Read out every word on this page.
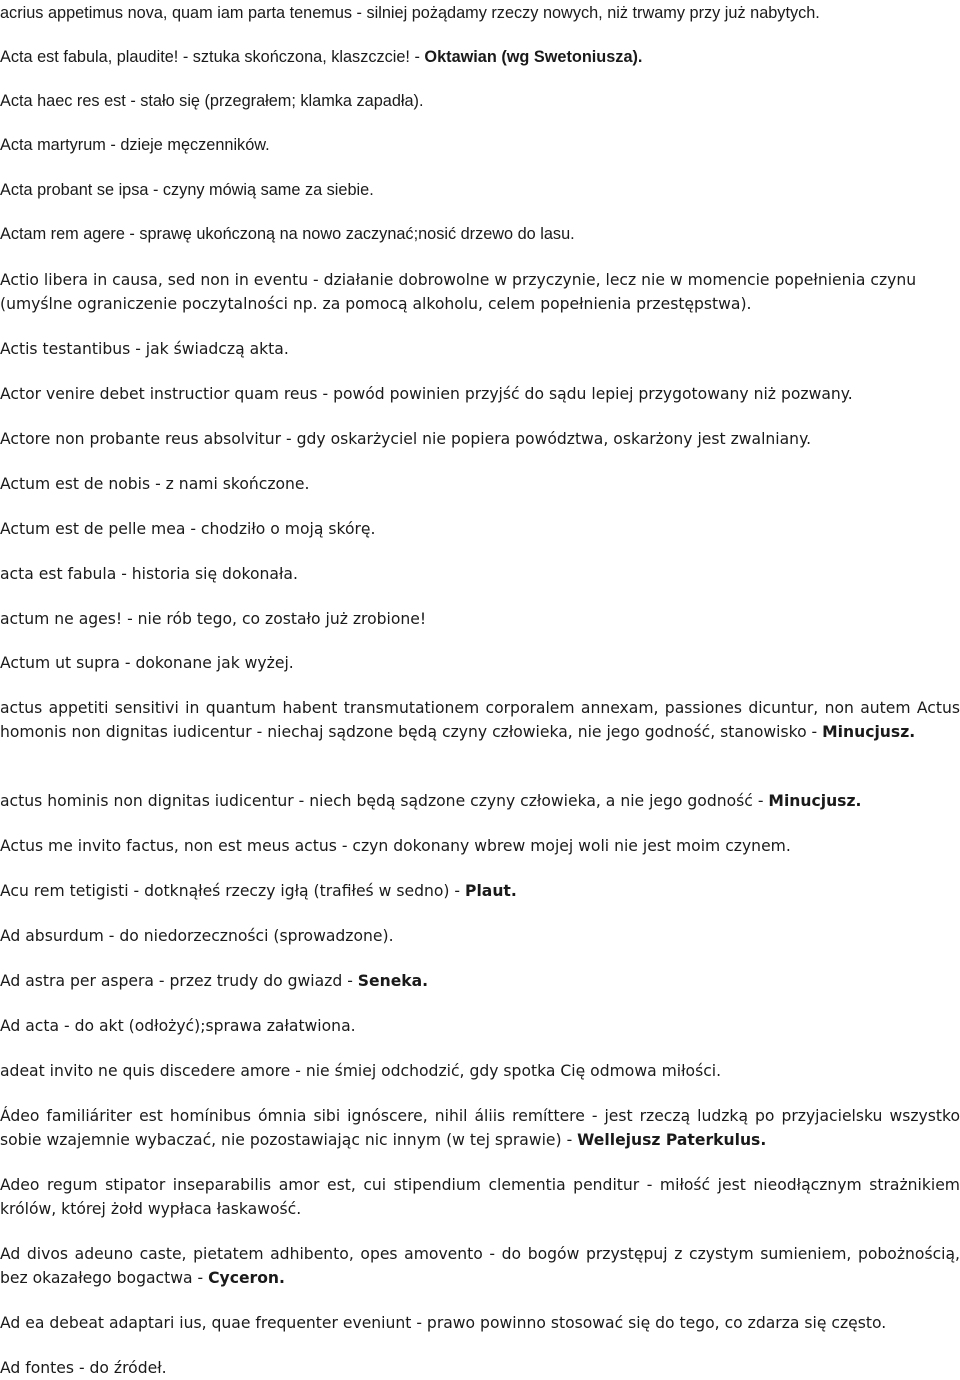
acrius appetimus nova, quam iam parta tenemus - silniej pożądamy rzeczy nowych, niż trwamy przy już nabytych.

Acta est fabula, plaudite! - sztuka skończona, klaszczcie! - Oktawian (wg Swetoniusza).

Acta haec res est - stało się (przegrałem; klamka zapadła).

Acta martyrum - dzieje męczenników.

Acta probant se ipsa - czyny mówią same za siebie.

Actam rem agere - sprawę ukończoną na nowo zaczynać;nosić drzewo do lasu.

Actio libera in causa, sed non in eventu - działanie dobrowolne w przyczynie, lecz nie w momencie popełnienia czynu (umyślne ograniczenie poczytalności np. za pomocą alkoholu, celem popełnienia przestępstwa).

Actis testantibus - jak świadczą akta.

Actor venire debet instructior quam reus - powód powinien przyjść do sądu lepiej przygotowany niż pozwany.

Actore non probante reus absolvitur - gdy oskarżyciel nie popiera powództwa, oskarżony jest zwalniany.

Actum est de nobis - z nami skończone.

Actum est de pelle mea - chodziło o moją skórę.

acta est fabula - historia się dokonała.

actum ne ages! - nie rób tego, co zostało już zrobione!

Actum ut supra - dokonane jak wyżej.

actus appetiti sensitivi in quantum habent transmutationem corporalem annexam, passiones dicuntur, non autem Actus homonis non dignitas iudicentur - niechaj sądzone będą czyny człowieka, nie jego godność, stanowisko - Minucjusz.

actus hominis non dignitas iudicentur - niech będą sądzone czyny człowieka, a nie jego godność - Minucjusz.

Actus me invito factus, non est meus actus - czyn dokonany wbrew mojej woli nie jest moim czynem.

Acu rem tetigisti - dotknąłeś rzeczy igłą (trafiłeś w sedno) - Plaut.

Ad absurdum - do niedorzeczności (sprowadzone).

Ad astra per aspera - przez trudy do gwiazd - Seneka.

Ad acta - do akt (odłożyć);sprawa załatwiona.

adeat invito ne quis discedere amore - nie śmiej odchodzić, gdy spotka Cię odmowa miłości.

Ádeo familiáriter est homínibus ómnia sibi ignóscere, nihil áliis remíttere - jest rzeczą ludzką po przyjacielsku wszystko sobie wzajemnie wybaczać, nie pozostawiając nic innym (w tej sprawie) - Wellejusz Paterkulus.

Adeo regum stipator inseparabilis amor est, cui stipendium clementia penditur - miłość jest nieodłącznym strażnikiem królów, której żołd wypłaca łaskawość.

Ad divos adeuno caste, pietatem adhibento, opes amovento - do bogów przystępuj z czystym sumieniem, pobożnością, bez okazałego bogactwa - Cyceron.

Ad ea debeat adaptari ius, quae frequenter eveniunt - prawo powinno stosować się do tego, co zdarza się często.

Ad fontes - do źródeł.
